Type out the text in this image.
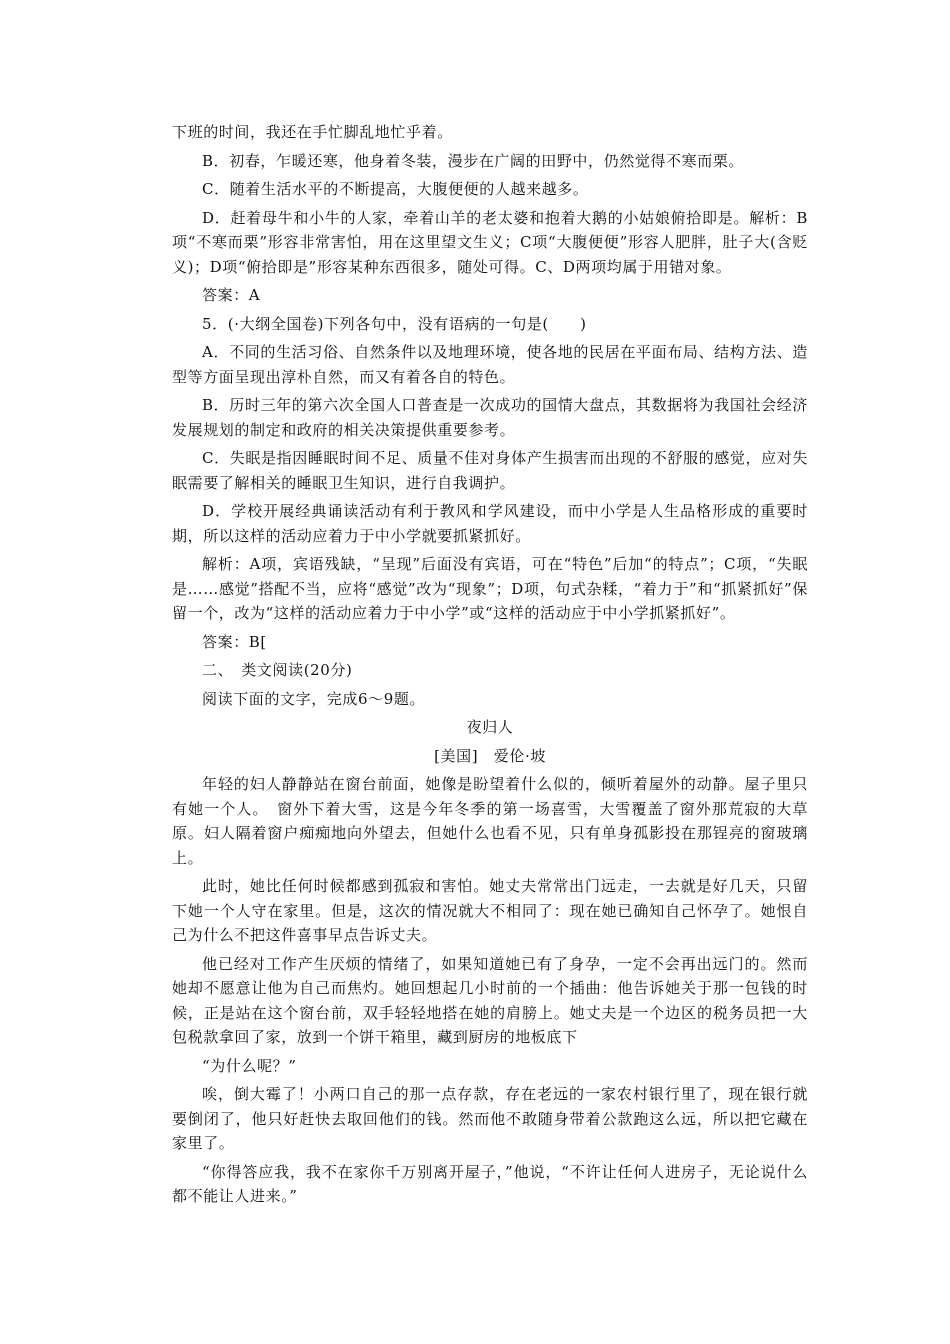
下班的时间，我还在手忙脚乱地忙乎着。

B．初春，乍暖还寒，他身着冬装，漫步在广阔的田野中，仍然觉得不寒而栗。

C．随着生活水平的不断提高，大腹便便的人越来越多。

D．赶着母牛和小牛的人家，牵着山羊的老太婆和抱着大鹅的小姑娘俯拾即是。解析：B项“不寒而栗”形容非常害怕，用在这里望文生义；C项“大腹便便”形容人肥胖，肚子大(含贬义)；D项“俯拾即是”形容某种东西很多，随处可得。C、D两项均属于用错对象。

答案：A

5．(·大纲全国卷)下列各句中，没有语病的一句是(　　)

A．不同的生活习俗、自然条件以及地理环境，使各地的民居在平面布局、结构方法、造型等方面呈现出淳朴自然，而又有着各自的特色。

B．历时三年的第六次全国人口普查是一次成功的国情大盘点，其数据将为我国社会经济发展规划的制定和政府的相关决策提供重要参考。

C．失眠是指因睡眠时间不足、质量不佳对身体产生损害而出现的不舒服的感觉，应对失眠需要了解相关的睡眠卫生知识，进行自我调护。

D．学校开展经典诵读活动有利于教风和学风建设，而中小学是人生品格形成的重要时期，所以这样的活动应着力于中小学就要抓紧抓好。

解析：A项，宾语残缺，“呈现”后面没有宾语，可在“特色”后加“的特点”；C项，“失眠是……感觉”搭配不当，应将“感觉”改为“现象”；D项，句式杂糅，“着力于”和“抓紧抓好”保留一个，改为“这样的活动应着力于中小学”或“这样的活动应于中小学抓紧抓好”。

答案：B[

二、　类文阅读(20分)

阅读下面的文字，完成6～9题。

夜归人

[美国]　爱伦·坡

年轻的妇人静静站在窗台前面，她像是盼望着什么似的，倾听着屋外的动静。屋子里只有她一个人。　窗外下着大雪，这是今年冬季的第一场喜雪，大雪覆盖了窗外那荒寂的大草原。妇人隔着窗户痴痴地向外望去，但她什么也看不见，只有单身孤影投在那锃亮的窗玻璃上。

此时，她比任何时候都感到孤寂和害怕。她丈夫常常出门远走，一去就是好几天，只留下她一个人守在家里。但是，这次的情况就大不相同了：现在她已确知自己怀孕了。她恨自己为什么不把这件喜事早点告诉丈夫。

他已经对工作产生厌烦的情绪了，如果知道她已有了身孕，一定不会再出远门的。然而她却不愿意让他为自己而焦灼。她回想起几小时前的一个插曲：他告诉她关于那一包钱的时候，正是站在这个窗台前，双手轻轻地搭在她的肩膀上。她丈夫是一个边区的税务员把一大包税款拿回了家，放到一个饼干箱里，藏到厨房的地板底下

“为什么呢？”

唉，倒大霉了！小两口自己的那一点存款，存在老远的一家农村银行里了，现在银行就要倒闭了，他只好赶快去取回他们的钱。然而他不敢随身带着公款跑这么远，所以把它藏在家里了。

“你得答应我，我不在家你千万别离开屋子，”他说，“不许让任何人进房子，无论说什么都不能让人进来。”
